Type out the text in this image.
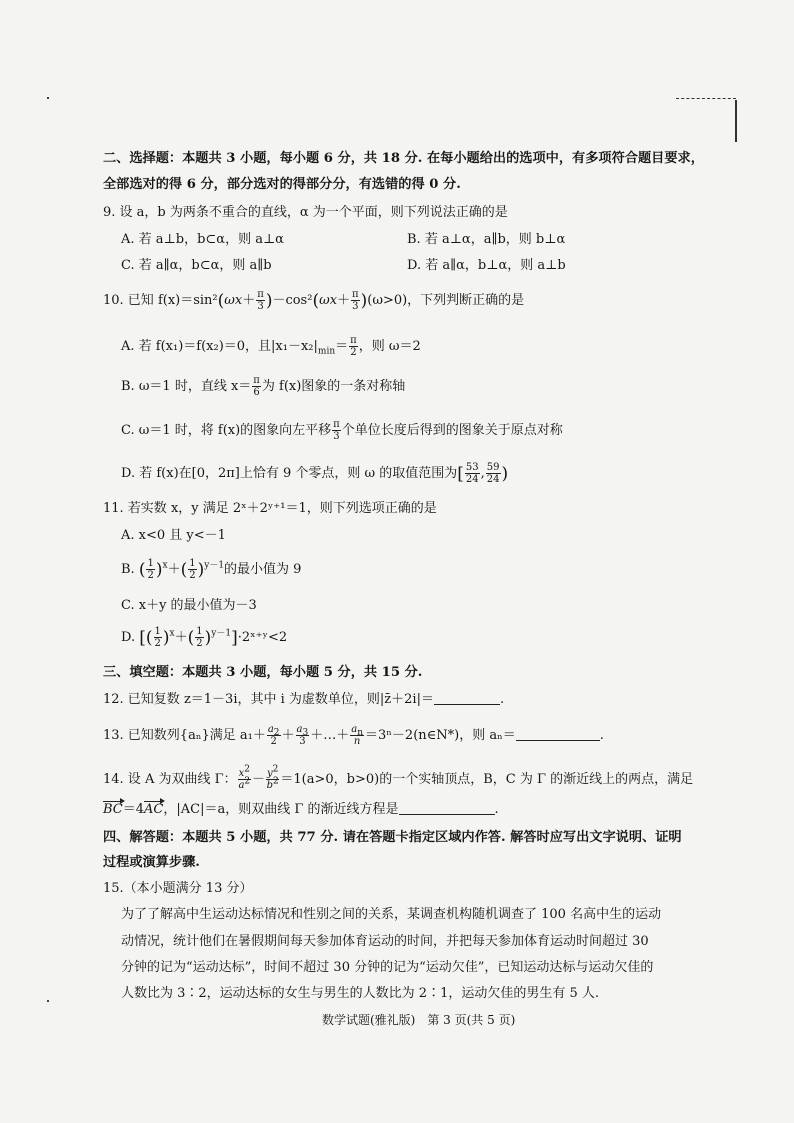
二、选择题：本题共 3 小题，每小题 6 分，共 18 分. 在每小题给出的选项中，有多项符合题目要求，
全部选对的得 6 分，部分选对的得部分分，有选错的得 0 分.
9. 设 a，b 为两条不重合的直线，α 为一个平面，则下列说法正确的是
A. 若 a⊥b，b⊂α，则 a⊥α	B. 若 a⊥α，a∥b，则 b⊥α
C. 若 a∥α，b⊂α，则 a∥b	D. 若 a∥α，b⊥α，则 a⊥b
10. 已知 $f(x)=\sin^2(\omega x+ \frac{\pi}{3} )-\cos^2(\omega x+ \frac{\pi}{3} )(\omega>0)$，下列判断正确的是
A. 若 f(x₁)＝f(x₂)＝0，且$|x_1-x_2|_{min}= \frac{\pi}{2}$ ，则 ω＝2
B. ω＝1 时，直线 $x= \frac{\pi}{6}$ 为 f(x)图象的一条对称轴
C. ω＝1 时，将 f(x)的图象向左平移 $\frac{\pi}{3}$ 个单位长度后得到的图象关于原点对称
D. 若 f(x)在[0，2π]上恰有 9 个零点，则 ω 的取值范围为[ $\frac{53}{24}$ , $\frac{59}{24}$ )
11. 若实数 x，y 满足 2ˣ＋2ʸ⁺¹＝1，则下列选项正确的是
A. x<0 且 y<－1
B. ( $\frac{1}{2} )^x+( \frac{1}{2} )^{y-1}$的最小值为 9
C. x＋y 的最小值为－3
D. [( $\frac{1}{2} )^x+( \frac{1}{2}$ )$^{y-1}]\cdot 2ˣ^+ʸ<2$
三、填空题：本题共 3 小题，每小题 5 分，共 15 分.
12. 已知复数 z＝1－3i，其中 i 为虚数单位，则|z̄＋2i|＝	.
13. 已知数列{aₙ}满足 $a_1+ \frac{a_2}{2} + \frac{a_3}{3}$ ＋…＋ $\frac{a_n}{n}$ ＝3ⁿ－2(n∈N*)，则 aₙ＝	.
14. 设 A 为双曲线 Γ： $\frac{x^2}{a^2} - \frac{y^2}{b^2} =1(a>0$，b>0)的一个实轴顶点，B，C 为 Γ 的渐近线上的两点，满足
BC＝4AC，|AC|＝a，则双曲线 Γ 的渐近线方程是	.
四、解答题：本题共 5 小题，共 77 分. 请在答题卡指定区域内作答. 解答时应写出文字说明、证明
过程或演算步骤.
15.（本小题满分 13 分）
为了了解高中生运动达标情况和性别之间的关系，某调查机构随机调查了 100 名高中生的运动
动情况，统计他们在暑假期间每天参加体育运动的时间，并把每天参加体育运动时间超过 30
分钟的记为“运动达标”，时间不超过 30 分钟的记为“运动欠佳”，已知运动达标与运动欠佳的
人数比为 3∶2，运动达标的女生与男生的人数比为 2∶1，运动欠佳的男生有 5 人.
数学试题(雅礼版)　第 3 页(共 5 页)
